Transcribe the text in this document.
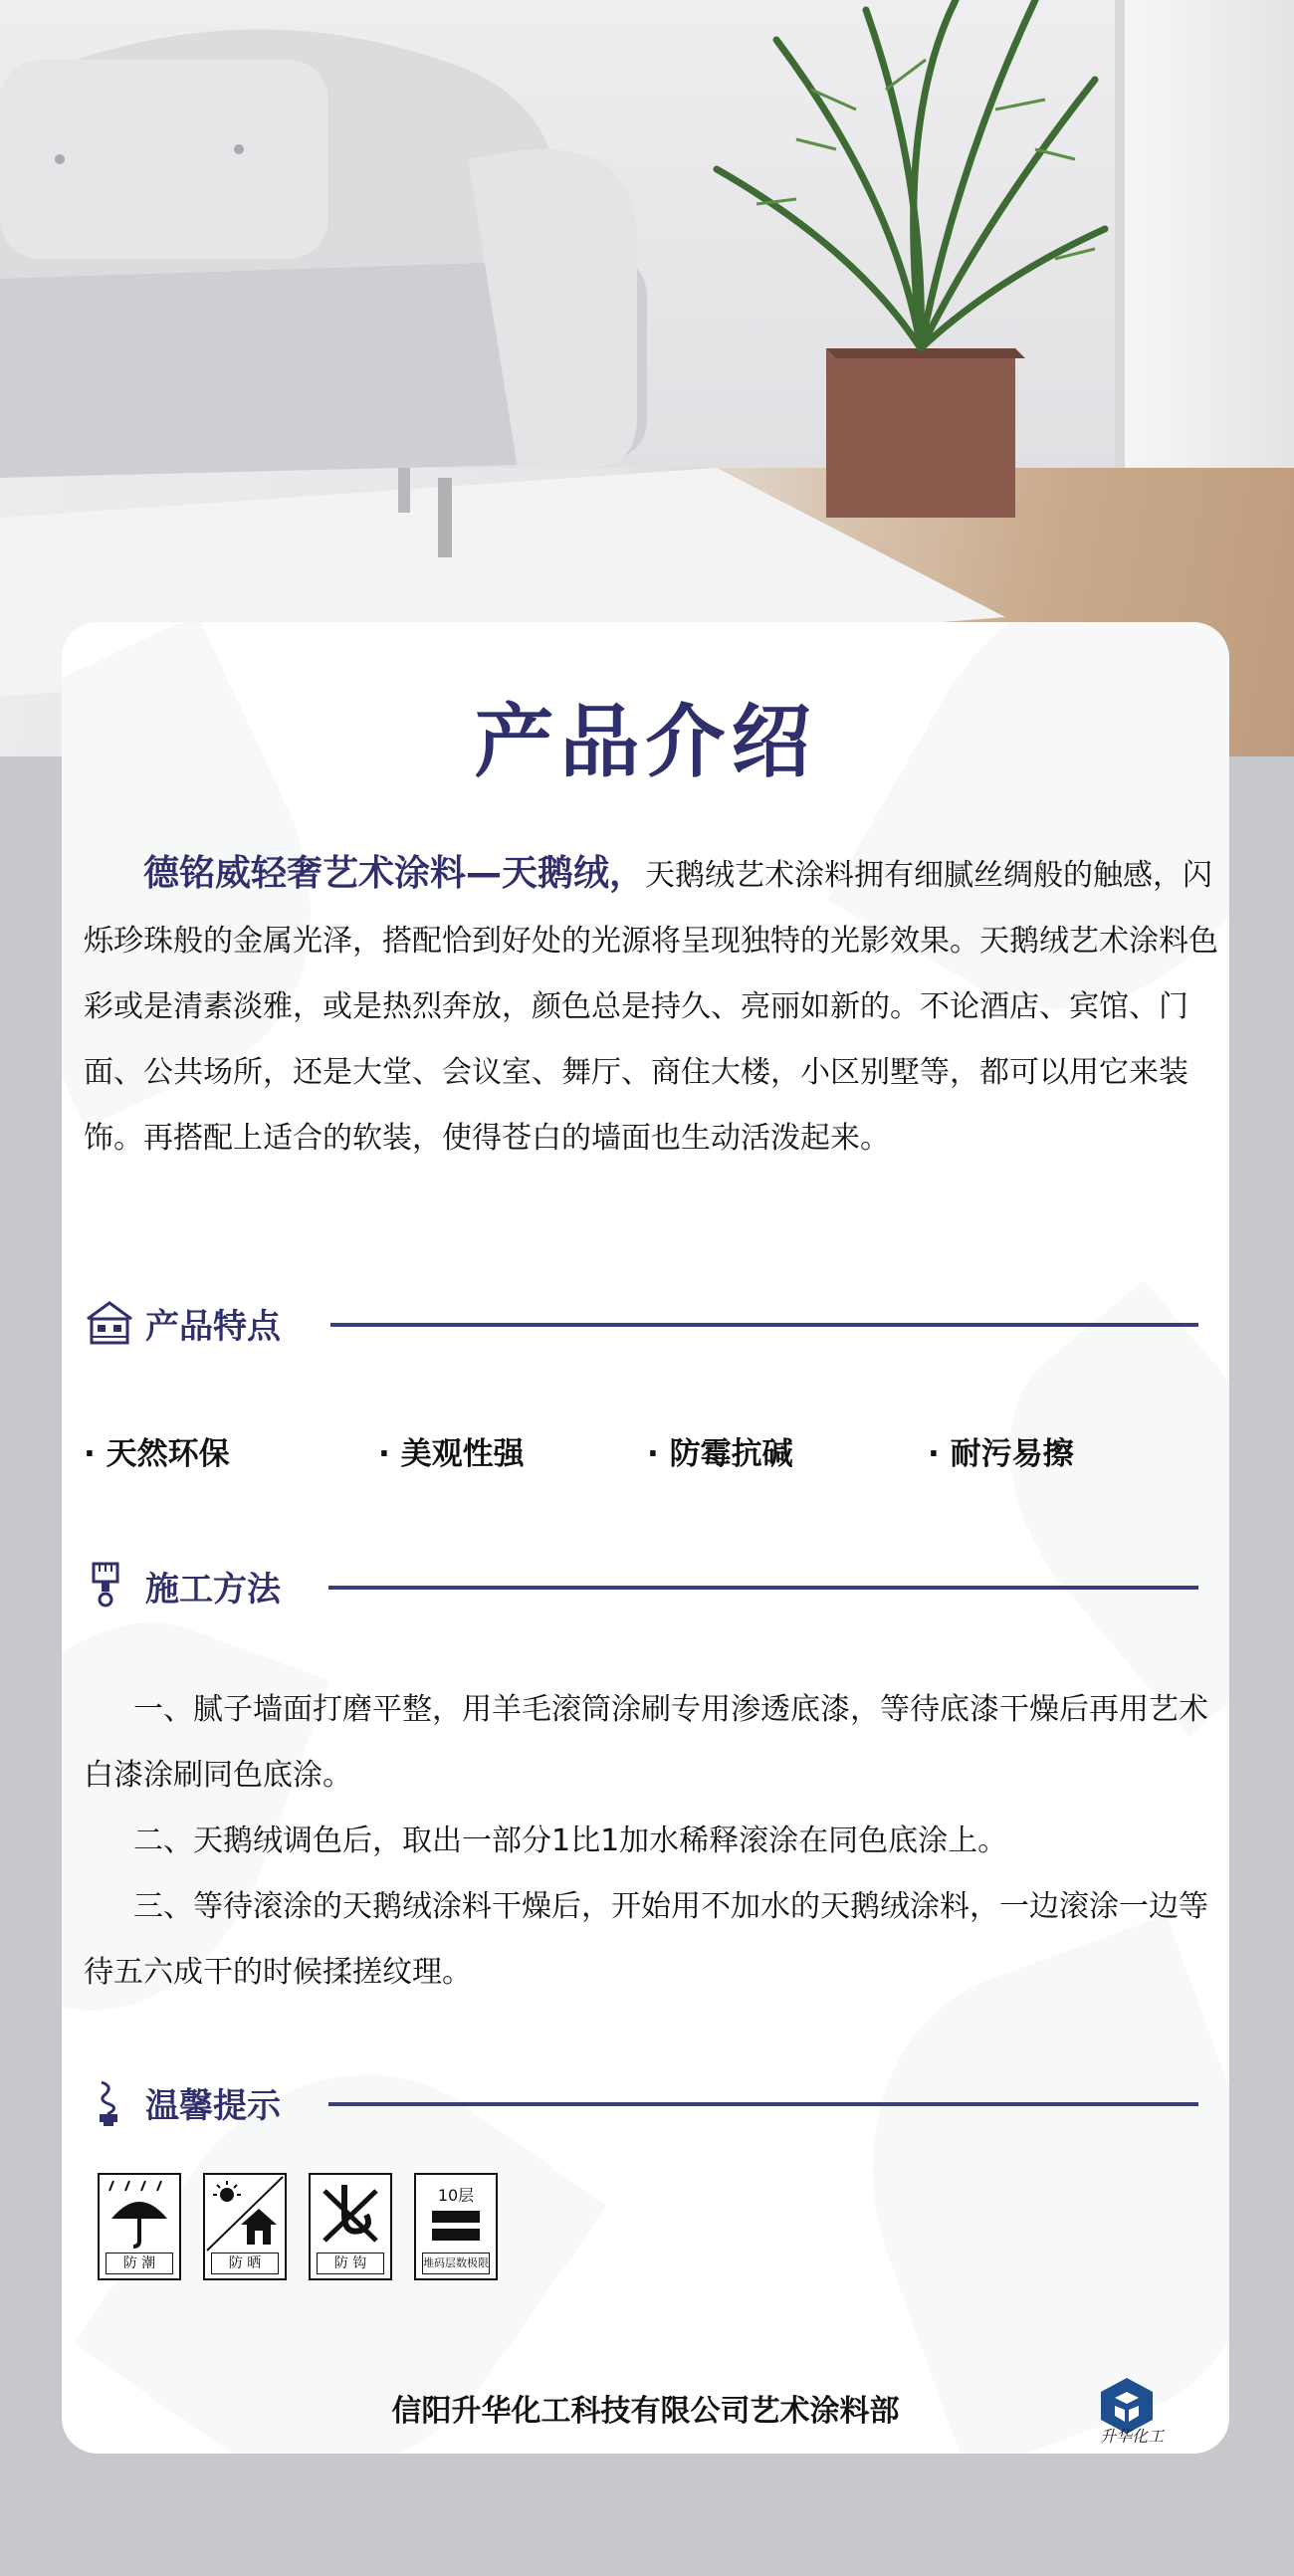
产品介绍
德铭威轻奢艺术涂料—天鹅绒，天鹅绒艺术涂料拥有细腻丝绸般的触感，闪烁珍珠般的金属光泽，搭配恰到好处的光源将呈现独特的光影效果。天鹅绒艺术涂料色彩或是清素淡雅，或是热烈奔放，颜色总是持久、亮丽如新的。不论酒店、宾馆、门面、公共场所，还是大堂、会议室、舞厅、商住大楼，小区别墅等，都可以用它来装饰。再搭配上适合的软装，使得苍白的墙面也生动活泼起来。
产品特点
· 天然环保	· 美观性强	· 防霉抗碱	· 耐污易擦
施工方法

一、腻子墙面打磨平整，用羊毛滚筒涂刷专用渗透底漆，等待底漆干燥后再用艺术白漆涂刷同色底涂。

二、天鹅绒调色后，取出一部分1比1加水稀释滚涂在同色底涂上。

三、等待滚涂的天鹅绒涂料干燥后，开始用不加水的天鹅绒涂料，一边滚涂一边等待五六成干的时候揉搓纹理。

温馨提示
防 潮	防 晒	防 钩
10层
堆码层数极限
信阳升华化工科技有限公司艺术涂料部
升华化工
